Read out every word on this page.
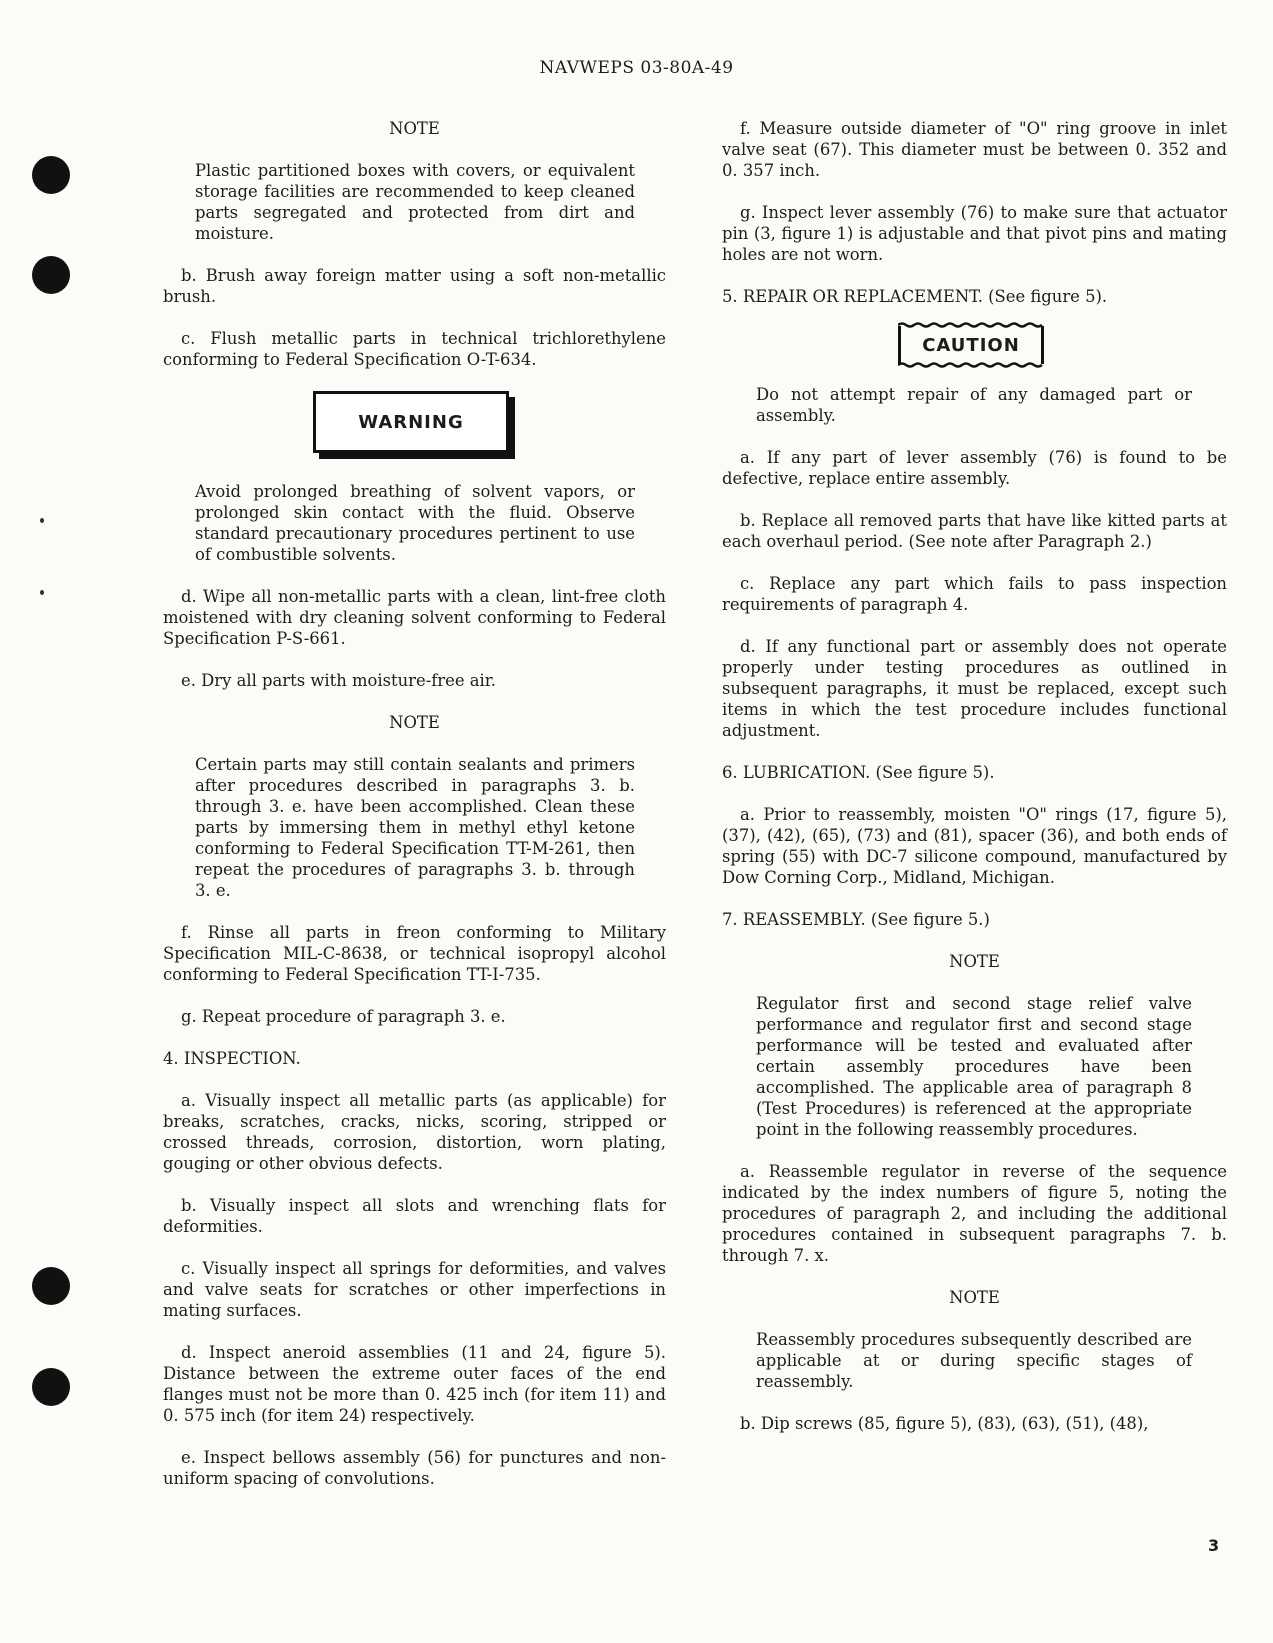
NAVWEPS 03-80A-49
NOTE
Plastic partitioned boxes with covers, or equivalent storage facilities are recommended to keep cleaned parts segregated and protected from dirt and moisture.
b. Brush away foreign matter using a soft non-metallic brush.
c. Flush metallic parts in technical trichlorethylene conforming to Federal Specification O-T-634.
WARNING
Avoid prolonged breathing of solvent vapors, or prolonged skin contact with the fluid. Observe standard precautionary procedures pertinent to use of combustible solvents.
d. Wipe all non-metallic parts with a clean, lint-free cloth moistened with dry cleaning solvent conforming to Federal Specification P-S-661.
e. Dry all parts with moisture-free air.
NOTE
Certain parts may still contain sealants and primers after procedures described in paragraphs 3. b. through 3. e. have been accomplished. Clean these parts by immersing them in methyl ethyl ketone conforming to Federal Specification TT-M-261, then repeat the procedures of paragraphs 3. b. through 3. e.
f. Rinse all parts in freon conforming to Military Specification MIL-C-8638, or technical isopropyl alcohol conforming to Federal Specification TT-I-735.
g. Repeat procedure of paragraph 3. e.
4. INSPECTION.
a. Visually inspect all metallic parts (as applicable) for breaks, scratches, cracks, nicks, scoring, stripped or crossed threads, corrosion, distortion, worn plating, gouging or other obvious defects.
b. Visually inspect all slots and wrenching flats for deformities.
c. Visually inspect all springs for deformities, and valves and valve seats for scratches or other imperfections in mating surfaces.
d. Inspect aneroid assemblies (11 and 24, figure 5). Distance between the extreme outer faces of the end flanges must not be more than 0. 425 inch (for item 11) and 0. 575 inch (for item 24) respectively.
e. Inspect bellows assembly (56) for punctures and non-uniform spacing of convolutions.
f. Measure outside diameter of "O" ring groove in inlet valve seat (67). This diameter must be between 0. 352 and 0. 357 inch.
g. Inspect lever assembly (76) to make sure that actuator pin (3, figure 1) is adjustable and that pivot pins and mating holes are not worn.
5. REPAIR OR REPLACEMENT. (See figure 5).
CAUTION
Do not attempt repair of any damaged part or assembly.
a. If any part of lever assembly (76) is found to be defective, replace entire assembly.
b. Replace all removed parts that have like kitted parts at each overhaul period. (See note after Paragraph 2.)
c. Replace any part which fails to pass inspection requirements of paragraph 4.
d. If any functional part or assembly does not operate properly under testing procedures as outlined in subsequent paragraphs, it must be replaced, except such items in which the test procedure includes functional adjustment.
6. LUBRICATION. (See figure 5).
a. Prior to reassembly, moisten "O" rings (17, figure 5), (37), (42), (65), (73) and (81), spacer (36), and both ends of spring (55) with DC-7 silicone compound, manufactured by Dow Corning Corp., Midland, Michigan.
7. REASSEMBLY. (See figure 5.)
NOTE
Regulator first and second stage relief valve performance and regulator first and second stage performance will be tested and evaluated after certain assembly procedures have been accomplished. The applicable area of paragraph 8 (Test Procedures) is referenced at the appropriate point in the following reassembly procedures.
a. Reassemble regulator in reverse of the sequence indicated by the index numbers of figure 5, noting the procedures of paragraph 2, and including the additional procedures contained in subsequent paragraphs 7. b. through 7. x.
NOTE
Reassembly procedures subsequently described are applicable at or during specific stages of reassembly.
b. Dip screws (85, figure 5), (83), (63), (51), (48),
3
